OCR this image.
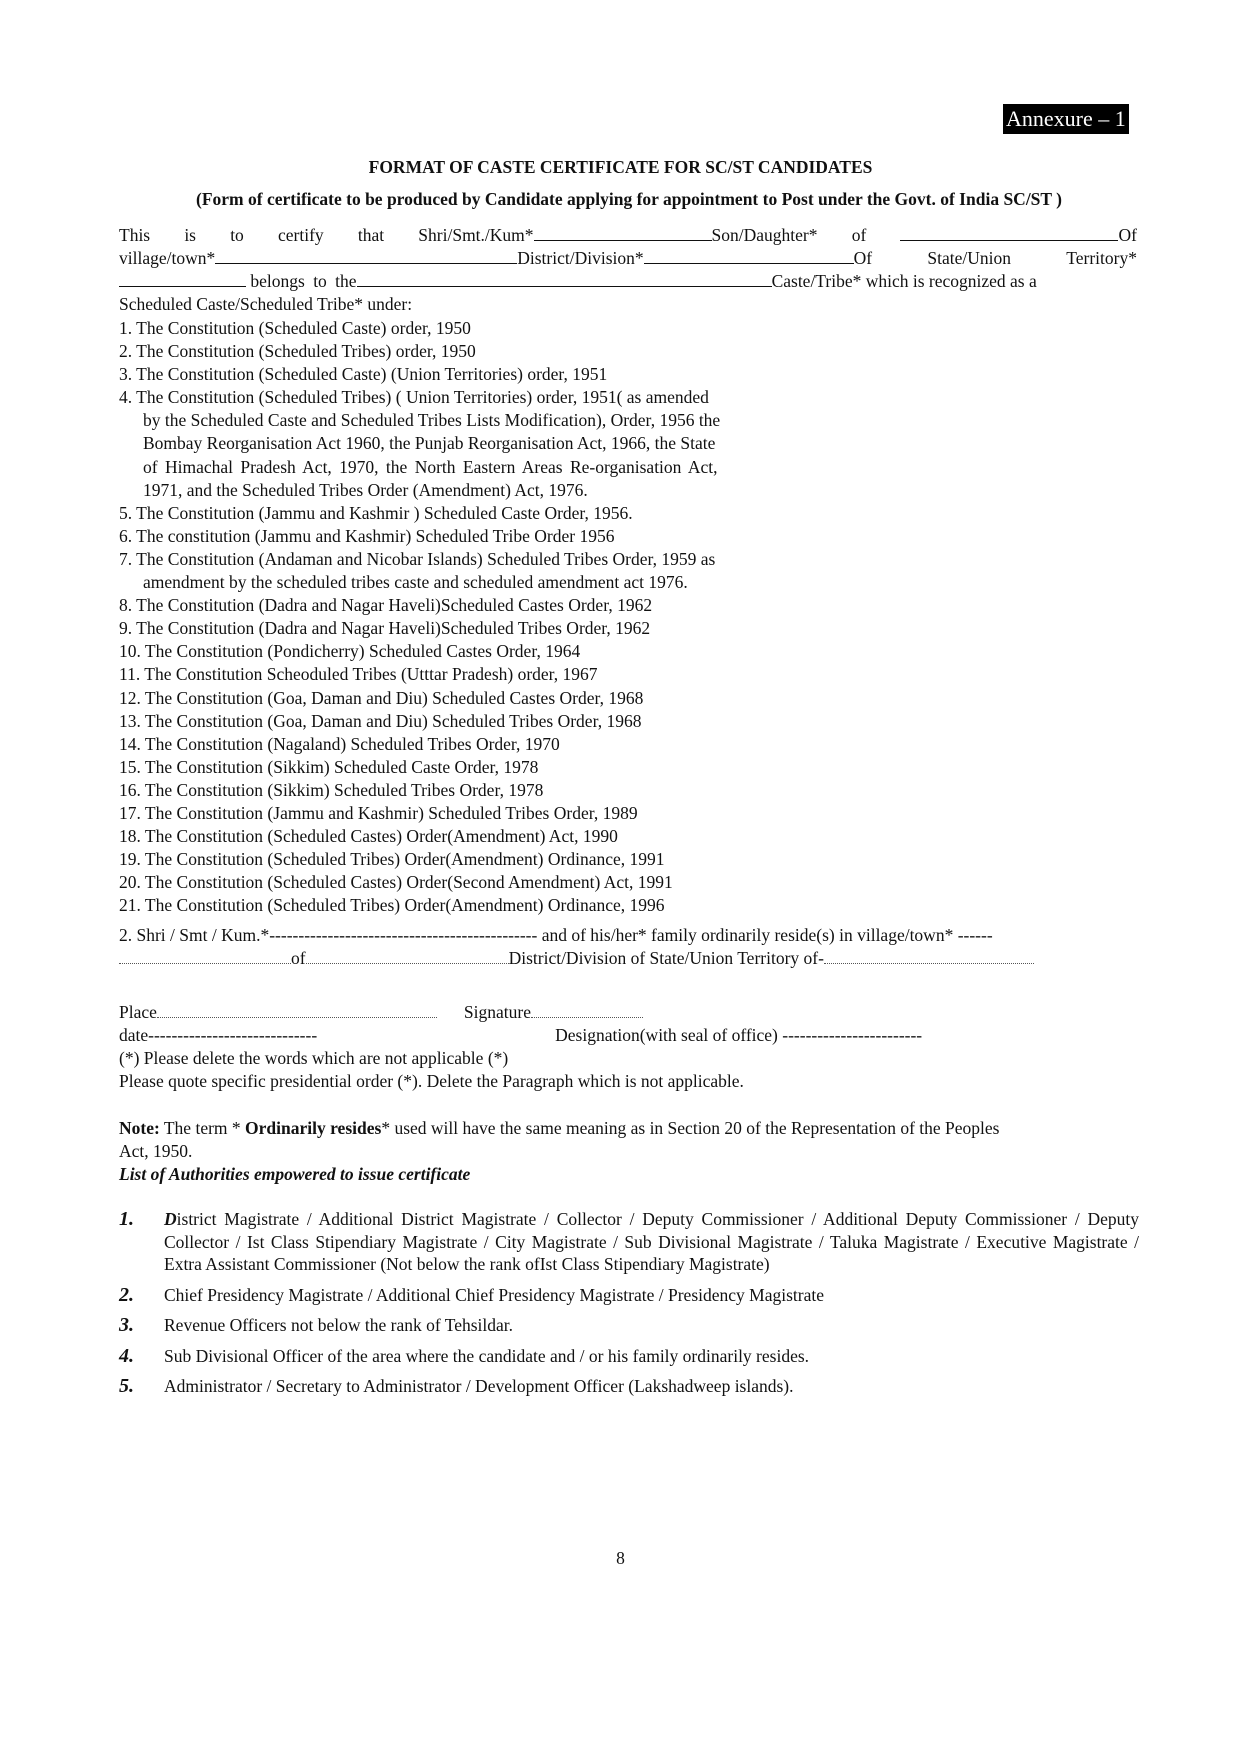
Annexure – 1
FORMAT OF CASTE CERTIFICATE FOR SC/ST CANDIDATES
(Form of certificate to be produced by Candidate applying for appointment to Post under the Govt. of India SC/ST )
This is to certify that Shri/Smt./Kum*	Son/Daughter* of	Of
village/town*	District/Division*	Of	State/Union	Territory*
belongs to the	Caste/Tribe* which is recognized as a
Scheduled Caste/Scheduled Tribe* under:
1. The Constitution (Scheduled Caste) order, 1950
2. The Constitution (Scheduled Tribes) order, 1950
3. The Constitution (Scheduled Caste) (Union Territories) order, 1951
4. The Constitution (Scheduled Tribes) ( Union Territories) order, 1951( as amended
by the Scheduled Caste and Scheduled Tribes Lists Modification), Order, 1956 the
Bombay Reorganisation Act 1960, the Punjab Reorganisation Act, 1966, the State
of Himachal Pradesh Act, 1970, the North Eastern Areas Re-organisation Act,
1971, and the Scheduled Tribes Order (Amendment) Act, 1976.
5. The Constitution (Jammu and Kashmir ) Scheduled Caste Order, 1956.
6. The constitution (Jammu and Kashmir) Scheduled Tribe Order 1956
7. The Constitution (Andaman and Nicobar Islands) Scheduled Tribes Order, 1959 as
amendment by the scheduled tribes caste and scheduled amendment act 1976.
8. The Constitution (Dadra and Nagar Haveli)Scheduled Castes Order, 1962
9. The Constitution (Dadra and Nagar Haveli)Scheduled Tribes Order, 1962
10. The Constitution (Pondicherry) Scheduled Castes Order, 1964
11. The Constitution Scheoduled Tribes (Utttar Pradesh) order, 1967
12. The Constitution (Goa, Daman and Diu) Scheduled Castes Order, 1968
13. The Constitution (Goa, Daman and Diu) Scheduled Tribes Order, 1968
14. The Constitution (Nagaland) Scheduled Tribes Order, 1970
15. The Constitution (Sikkim) Scheduled Caste Order, 1978
16. The Constitution (Sikkim) Scheduled Tribes Order, 1978
17. The Constitution (Jammu and Kashmir) Scheduled Tribes Order, 1989
18. The Constitution (Scheduled Castes) Order(Amendment) Act, 1990
19. The Constitution (Scheduled Tribes) Order(Amendment) Ordinance, 1991
20. The Constitution (Scheduled Castes) Order(Second Amendment) Act, 1991
21. The Constitution (Scheduled Tribes) Order(Amendment) Ordinance, 1996
2. Shri / Smt / Kum.*---------------------------------------------- and of his/her* family ordinarily reside(s) in village/town* ------
of	District/Division of State/Union Territory of-
Place	Signature
date-----------------------------	Designation(with seal of office) ------------------------
(*) Please delete the words which are not applicable (*)
Please quote specific presidential order (*). Delete the Paragraph which is not applicable.
Note: The term * Ordinarily resides* used will have the same meaning as in Section 20 of the Representation of the Peoples
Act, 1950.
List of Authorities empowered to issue certificate
1.	District Magistrate / Additional District Magistrate / Collector / Deputy Commissioner / Additional Deputy Commissioner / Deputy Collector / Ist Class Stipendiary Magistrate / City Magistrate / Sub Divisional Magistrate / Taluka Magistrate / Executive Magistrate / Extra Assistant Commissioner (Not below the rank ofIst Class Stipendiary Magistrate)
2.	Chief Presidency Magistrate / Additional Chief Presidency Magistrate / Presidency Magistrate
3.	Revenue Officers not below the rank of Tehsildar.
4.	Sub Divisional Officer of the area where the candidate and / or his family ordinarily resides.
5.	Administrator / Secretary to Administrator / Development Officer (Lakshadweep islands).
8
